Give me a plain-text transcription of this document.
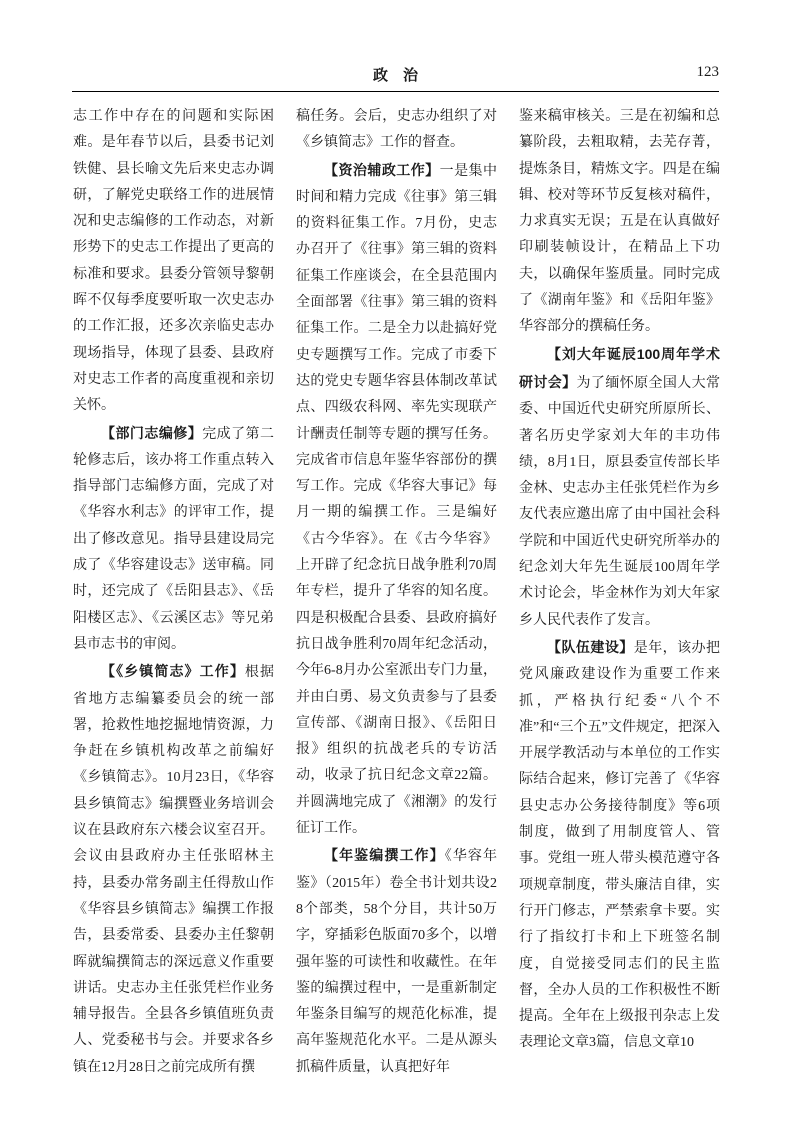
政　治	123

志工作中存在的问题和实际困难。是年春节以后，县委书记刘铁健、县长喻文先后来史志办调研，了解党史联络工作的进展情况和史志编修的工作动态，对新形势下的史志工作提出了更高的标准和要求。县委分管领导黎朝晖不仅每季度要听取一次史志办的工作汇报，还多次亲临史志办现场指导，体现了县委、县政府对史志工作者的高度重视和亲切关怀。

【部门志编修】完成了第二轮修志后，该办将工作重点转入指导部门志编修方面，完成了对《华容水利志》的评审工作，提出了修改意见。指导县建设局完成了《华容建设志》送审稿。同时，还完成了《岳阳县志》、《岳阳楼区志》、《云溪区志》等兄弟县市志书的审阅。

【《乡镇简志》工作】根据省地方志编纂委员会的统一部署，抢救性地挖掘地情资源，力争赶在乡镇机构改革之前编好《乡镇简志》。10月23日，《华容县乡镇简志》编撰暨业务培训会议在县政府东六楼会议室召开。会议由县政府办主任张昭林主持，县委办常务副主任得敖山作《华容县乡镇简志》编撰工作报告，县委常委、县委办主任黎朝晖就编撰简志的深远意义作重要讲话。史志办主任张凭栏作业务辅导报告。全县各乡镇值班负责人、党委秘书与会。并要求各乡镇在12月28日之前完成所有撰

稿任务。会后，史志办组织了对《乡镇简志》工作的督查。

【资治辅政工作】一是集中时间和精力完成《往事》第三辑的资料征集工作。7月份，史志办召开了《往事》第三辑的资料征集工作座谈会，在全县范围内全面部署《往事》第三辑的资料征集工作。二是全力以赴搞好党史专题撰写工作。完成了市委下达的党史专题华容县体制改革试点、四级农科网、率先实现联产计酬责任制等专题的撰写任务。完成省市信息年鉴华容部份的撰写工作。完成《华容大事记》每月一期的编撰工作。三是编好《古今华容》。在《古今华容》上开辟了纪念抗日战争胜利70周年专栏，提升了华容的知名度。四是积极配合县委、县政府搞好抗日战争胜利70周年纪念活动，今年6-8月办公室派出专门力量，并由白勇、易文负责参与了县委宣传部、《湖南日报》、《岳阳日报》组织的抗战老兵的专访活动，收录了抗日纪念文章22篇。并圆满地完成了《湘潮》的发行征订工作。

【年鉴编撰工作】《华容年鉴》（2015年）卷全书计划共设28个部类，58个分目，共计50万字，穿插彩色版面70多个，以增强年鉴的可读性和收藏性。在年鉴的编撰过程中，一是重新制定年鉴条目编写的规范化标准，提高年鉴规范化水平。二是从源头抓稿件质量，认真把好年

鉴来稿审核关。三是在初编和总纂阶段，去粗取精，去芜存菁，提炼条目，精炼文字。四是在编辑、校对等环节反复核对稿件，力求真实无误；五是在认真做好印刷装帧设计，在精品上下功夫，以确保年鉴质量。同时完成了《湖南年鉴》和《岳阳年鉴》华容部分的撰稿任务。

【刘大年诞辰100周年学术研讨会】为了缅怀原全国人大常委、中国近代史研究所原所长、著名历史学家刘大年的丰功伟绩，8月1日，原县委宣传部长毕金林、史志办主任张凭栏作为乡友代表应邀出席了由中国社会科学院和中国近代史研究所举办的纪念刘大年先生诞辰100周年学术讨论会，毕金林作为刘大年家乡人民代表作了发言。

【队伍建设】是年，该办把党风廉政建设作为重要工作来抓，严格执行纪委“八个不准”和“三个五”文件规定，把深入开展学教活动与本单位的工作实际结合起来，修订完善了《华容县史志办公务接待制度》等6项制度，做到了用制度管人、管事。党组一班人带头模范遵守各项规章制度，带头廉洁自律，实行开门修志，严禁索拿卡要。实行了指纹打卡和上下班签名制度，自觉接受同志们的民主监督，全办人员的工作积极性不断提高。全年在上级报刊杂志上发表理论文章3篇，信息文章10
